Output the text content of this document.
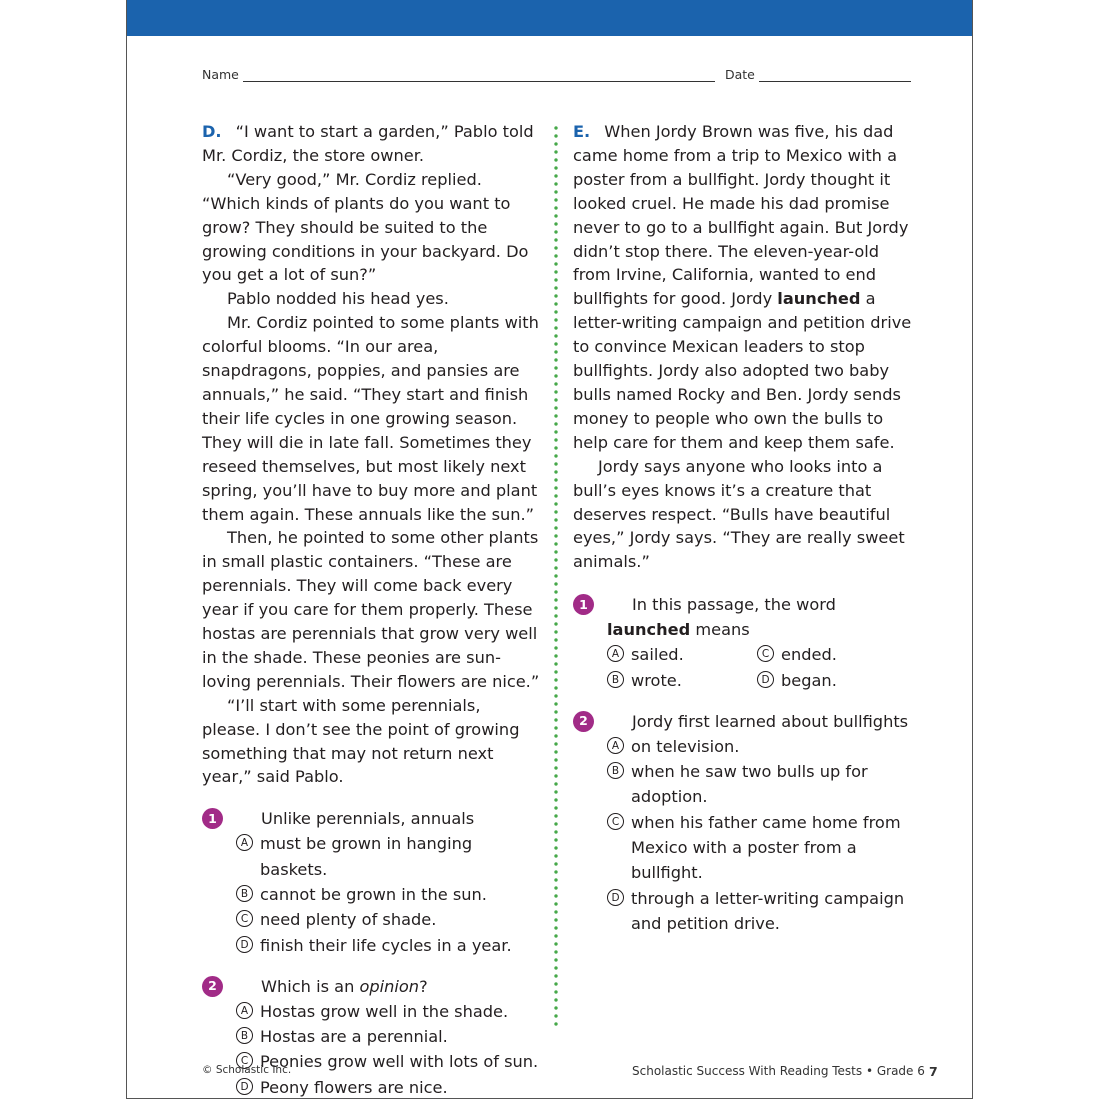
Name	Date

D. “I want to start a garden,” Pablo told Mr. Cordiz, the store owner.

“Very good,” Mr. Cordiz replied. “Which kinds of plants do you want to grow? They should be suited to the growing conditions in your backyard. Do you get a lot of sun?”

Pablo nodded his head yes.

Mr. Cordiz pointed to some plants with colorful blooms. “In our area, snapdragons, poppies, and pansies are annuals,” he said. “They start and finish their life cycles in one growing season. They will die in late fall. Sometimes they reseed themselves, but most likely next spring, you’ll have to buy more and plant them again. These annuals like the sun.”

Then, he pointed to some other plants in small plastic containers. “These are perennials. They will come back every year if you care for them properly. These hostas are perennials that grow very well in the shade. These peonies are sun-loving perennials. Their flowers are nice.”

“I’ll start with some perennials, please. I don’t see the point of growing something that may not return next year,” said Pablo.

1	Unlike perennials, annuals

A must be grown in hanging baskets.
B cannot be grown in the sun.
C need plenty of shade.
D finish their life cycles in a year.
2	Which is an opinion?

A Hostas grow well in the shade.
B Hostas are a perennial.
C Peonies grow well with lots of sun.
D Peony flowers are nice.

E. When Jordy Brown was five, his dad came home from a trip to Mexico with a poster from a bullfight. Jordy thought it looked cruel. He made his dad promise never to go to a bullfight again. But Jordy didn’t stop there. The eleven-year-old from Irvine, California, wanted to end bullfights for good. Jordy launched a letter-writing campaign and petition drive to convince Mexican leaders to stop bullfights. Jordy also adopted two baby bulls named Rocky and Ben. Jordy sends money to people who own the bulls to help care for them and keep them safe.

Jordy says anyone who looks into a bull’s eyes knows it’s a creature that deserves respect. “Bulls have beautiful eyes,” Jordy says. “They are really sweet animals.”

1	In this passage, the word launched means

A sailed.	C ended.
B wrote.	D began.
2	Jordy first learned about bullfights

A on television.
B when he saw two bulls up for adoption.
C when his father came home from Mexico with a poster from a bullfight.
D through a letter-writing campaign and petition drive.
© Scholastic Inc.	Scholastic Success With Reading Tests • Grade 6 7
